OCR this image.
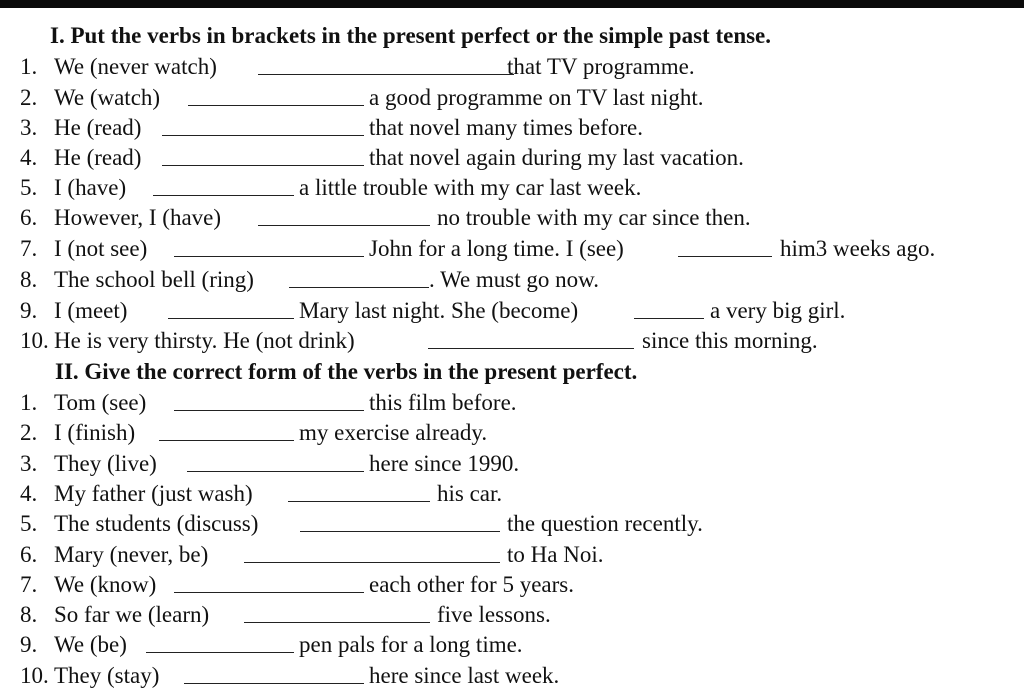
I. Put the verbs in brackets in the present perfect or the simple past tense.
1. We (never watch)	that TV programme.
2. We (watch)	a good programme on TV last night.
3. He (read)	that novel many times before.
4. He (read)	that novel again during my last vacation.
5. I (have)	a little trouble with my car last week.
6. However, I (have)	no trouble with my car since then.
7. I (not see)	John for a long time. I (see)	him3 weeks ago.
8. The school bell (ring)	. We must go now.
9. I (meet)	Mary last night. She (become)	a very big girl.
10. He is very thirsty. He (not drink)	since this morning.
II. Give the correct form of the verbs in the present perfect.
1. Tom (see)	this film before.
2. I (finish)	my exercise already.
3. They (live)	here since 1990.
4. My father (just wash)	his car.
5. The students (discuss)	the question recently.
6. Mary (never, be)	to Ha Noi.
7. We (know)	each other for 5 years.
8. So far we (learn)	five lessons.
9. We (be)	pen pals for a long time.
10. They (stay)	here since last week.
